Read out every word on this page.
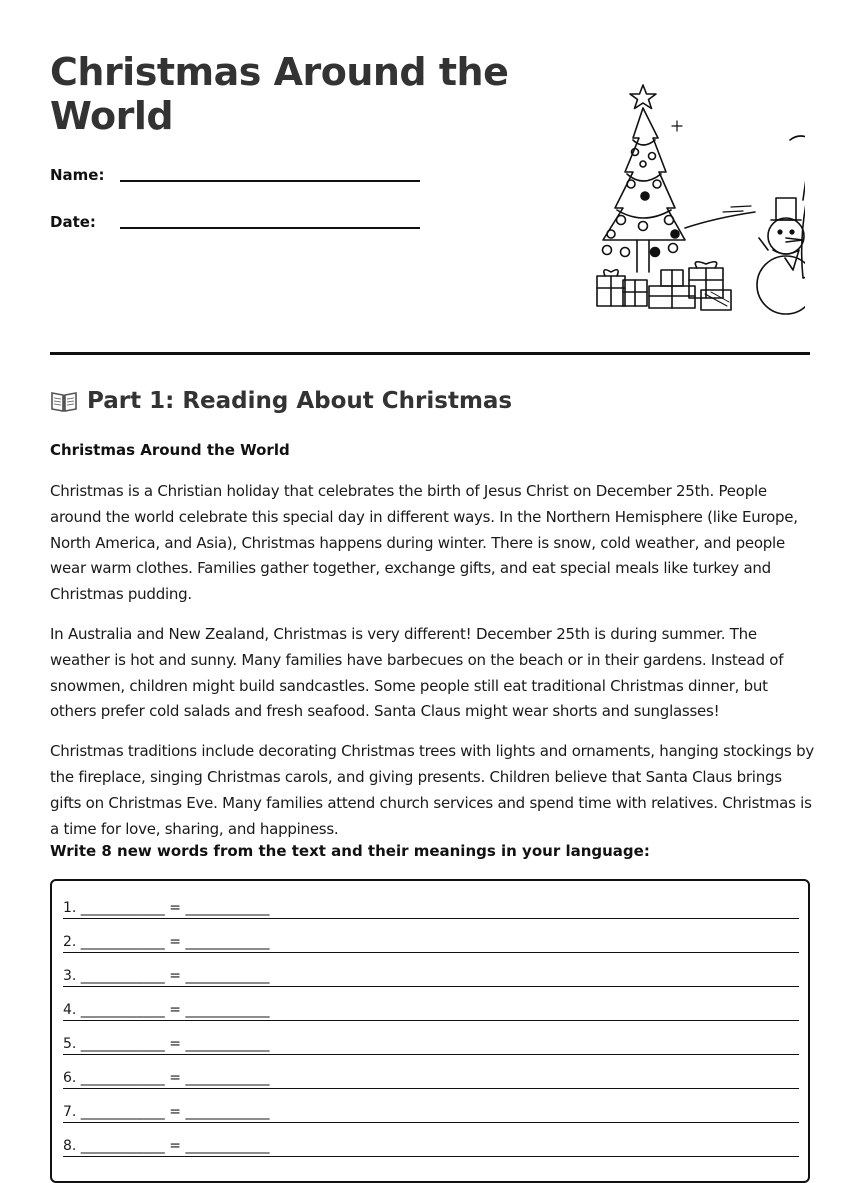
Christmas Around the World
Name:
Date:
Part 1: Reading About Christmas
Christmas Around the World

Christmas is a Christian holiday that celebrates the birth of Jesus Christ on December 25th. People around the world celebrate this special day in different ways. In the Northern Hemisphere (like Europe, North America, and Asia), Christmas happens during winter. There is snow, cold weather, and people wear warm clothes. Families gather together, exchange gifts, and eat special meals like turkey and Christmas pudding.

In Australia and New Zealand, Christmas is very different! December 25th is during summer. The weather is hot and sunny. Many families have barbecues on the beach or in their gardens. Instead of snowmen, children might build sandcastles. Some people still eat traditional Christmas dinner, but others prefer cold salads and fresh seafood. Santa Claus might wear shorts and sunglasses!

Christmas traditions include decorating Christmas trees with lights and ornaments, hanging stockings by the fireplace, singing Christmas carols, and giving presents. Children believe that Santa Claus brings gifts on Christmas Eve. Many families attend church services and spend time with relatives. Christmas is a time for love, sharing, and happiness.

Write 8 new words from the text and their meanings in your language:
1. ____________ = ____________
2. ____________ = ____________
3. ____________ = ____________
4. ____________ = ____________
5. ____________ = ____________
6. ____________ = ____________
7. ____________ = ____________
8. ____________ = ____________
